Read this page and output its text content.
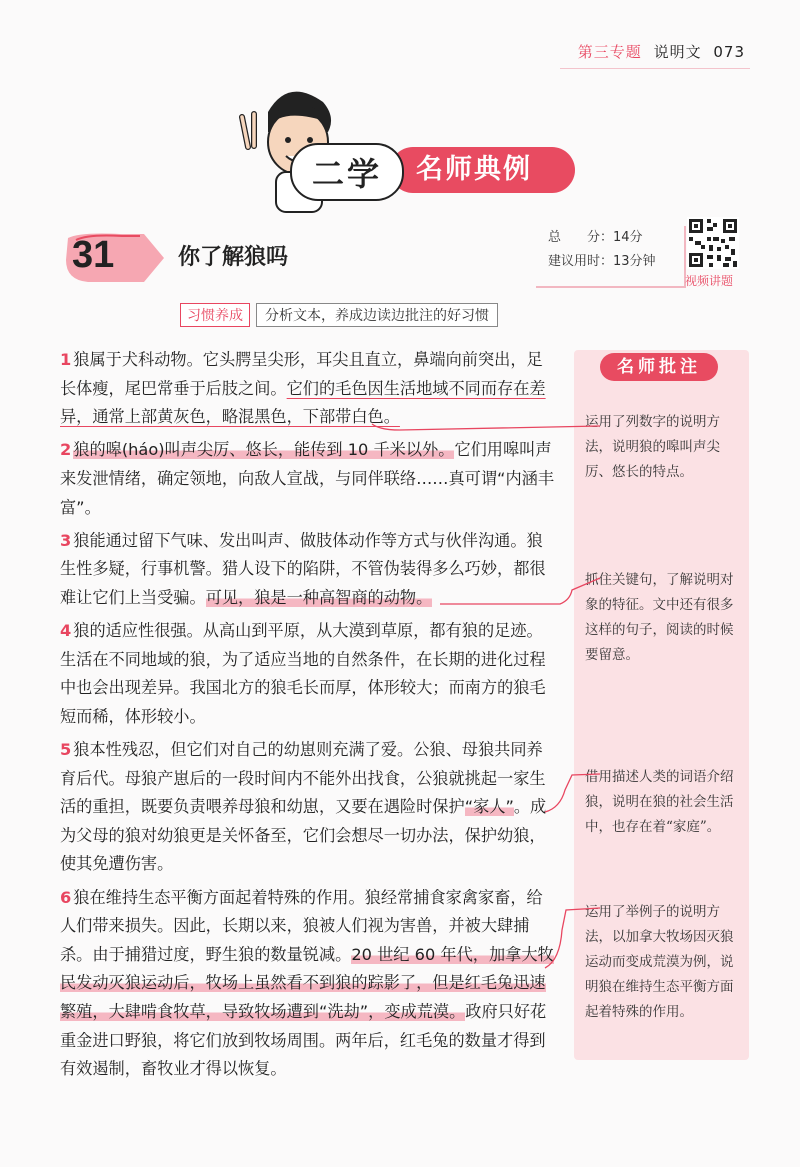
第三专题 说明文 073
二学	名师典例
31	你了解狼吗
总　　分：14分
建议用时：13分钟
视频讲题
习惯养成	分析文本，养成边读边批注的好习惯

1 狼属于犬科动物。它头腭呈尖形，耳尖且直立，鼻端向前突出，足长体瘦，尾巴常垂于后肢之间。它们的毛色因生活地域不同而存在差异，通常上部黄灰色，略混黑色，下部带白色。

2 狼的嗥(háo)叫声尖厉、悠长，能传到 10 千米以外。它们用嗥叫声来发泄情绪，确定领地，向敌人宣战，与同伴联络……真可谓“内涵丰富”。

3 狼能通过留下气味、发出叫声、做肢体动作等方式与伙伴沟通。狼生性多疑，行事机警。猎人设下的陷阱，不管伪装得多么巧妙，都很难让它们上当受骗。可见，狼是一种高智商的动物。

4 狼的适应性很强。从高山到平原，从大漠到草原，都有狼的足迹。生活在不同地域的狼，为了适应当地的自然条件，在长期的进化过程中也会出现差异。我国北方的狼毛长而厚，体形较大；而南方的狼毛短而稀，体形较小。

5 狼本性残忍，但它们对自己的幼崽则充满了爱。公狼、母狼共同养育后代。母狼产崽后的一段时间内不能外出找食，公狼就挑起一家生活的重担，既要负责喂养母狼和幼崽，又要在遇险时保护“家人”。成为父母的狼对幼狼更是关怀备至，它们会想尽一切办法，保护幼狼，使其免遭伤害。

6 狼在维持生态平衡方面起着特殊的作用。狼经常捕食家禽家畜，给人们带来损失。因此，长期以来，狼被人们视为害兽，并被大肆捕杀。由于捕猎过度，野生狼的数量锐减。20 世纪 60 年代，加拿大牧民发动灭狼运动后，牧场上虽然看不到狼的踪影了，但是红毛兔迅速繁殖，大肆啃食牧草，导致牧场遭到“洗劫”，变成荒漠。政府只好花重金进口野狼，将它们放到牧场周围。两年后，红毛兔的数量才得到有效遏制，畜牧业才得以恢复。

名师批注
运用了列数字的说明方法，说明狼的嗥叫声尖厉、悠长的特点。
抓住关键句，了解说明对象的特征。文中还有很多这样的句子，阅读的时候要留意。
借用描述人类的词语介绍狼，说明在狼的社会生活中，也存在着“家庭”。
运用了举例子的说明方法，以加拿大牧场因灭狼运动而变成荒漠为例，说明狼在维持生态平衡方面起着特殊的作用。
